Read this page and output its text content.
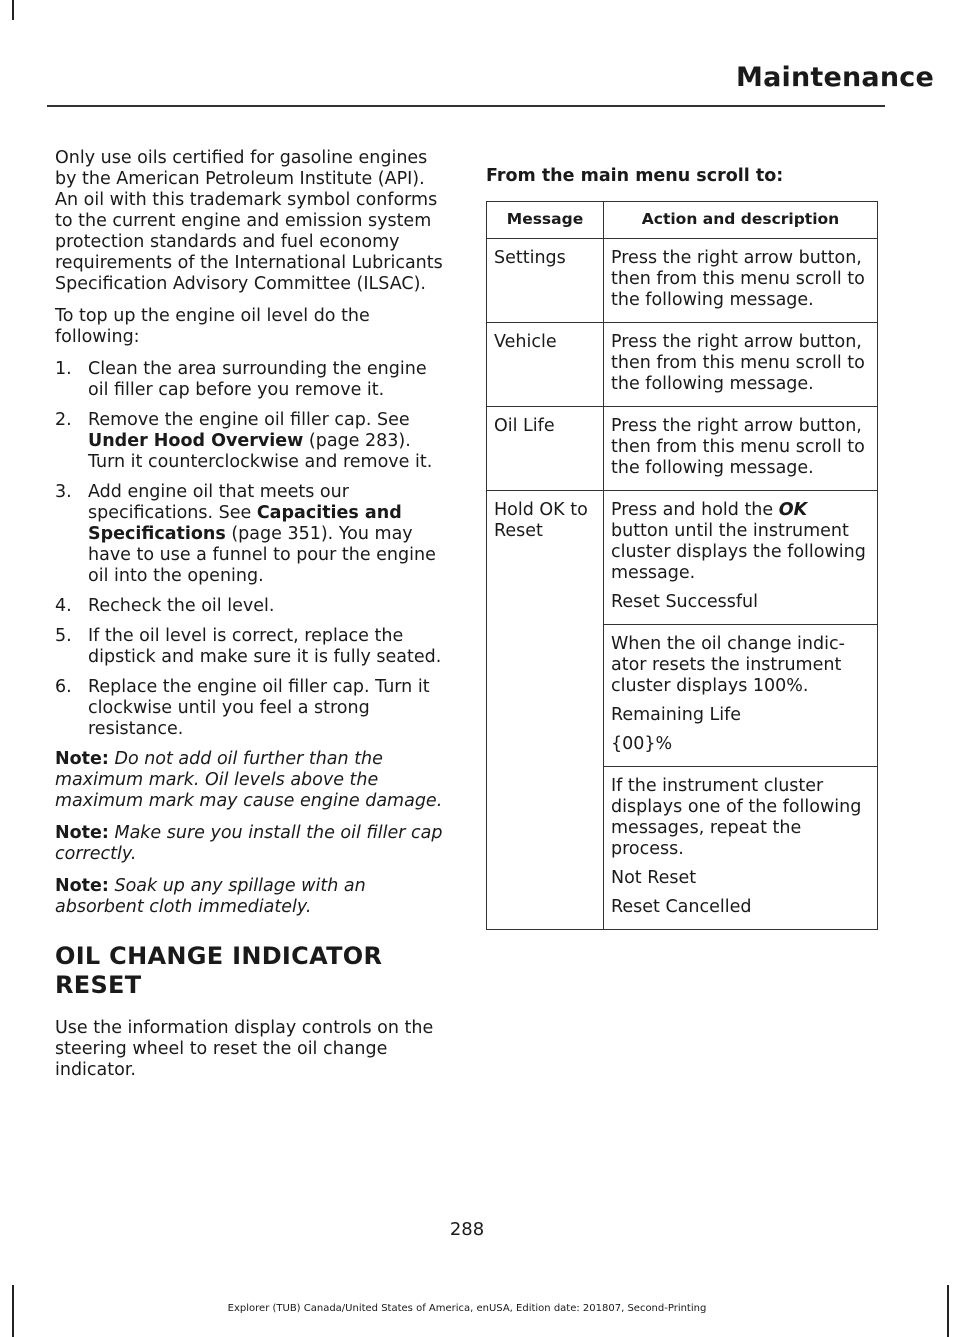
Maintenance

Only use oils certified for gasoline engines by the American Petroleum Institute (API). An oil with this trademark symbol conforms to the current engine and emission system protection standards and fuel economy requirements of the International Lubricants Specification Advisory Committee (ILSAC).

To top up the engine oil level do the following:

1. Clean the area surrounding the engine oil filler cap before you remove it.
2. Remove the engine oil filler cap. See Under Hood Overview (page 283). Turn it counterclockwise and remove it.
3. Add engine oil that meets our specifications. See Capacities and Specifications (page 351). You may have to use a funnel to pour the engine oil into the opening.
4. Recheck the oil level.
5. If the oil level is correct, replace the dipstick and make sure it is fully seated.
6. Replace the engine oil filler cap. Turn it clockwise until you feel a strong resistance.

Note: Do not add oil further than the maximum mark. Oil levels above the maximum mark may cause engine damage.

Note: Make sure you install the oil filler cap correctly.

Note: Soak up any spillage with an absorbent cloth immediately.

OIL CHANGE INDICATOR
RESET

Use the information display controls on the steering wheel to reset the oil change indicator.

From the main menu scroll to:

Message	Action and description
Settings	Press the right arrow button, then from this menu scroll to the following message.

Vehicle	Press the right arrow button, then from this menu scroll to the following message.

Oil Life	Press the right arrow button, then from this menu scroll to the following message.

Hold OK to Reset	Press and hold the OK button until the instrument cluster displays the following message.

Reset Successful

	When the oil change indic-ator resets the instrument cluster displays 100%.

Remaining Life

{00}%

	If the instrument cluster displays one of the following messages, repeat the process.

Not Reset

Reset Cancelled

288
Explorer (TUB) Canada/United States of America, enUSA, Edition date: 201807, Second-Printing
